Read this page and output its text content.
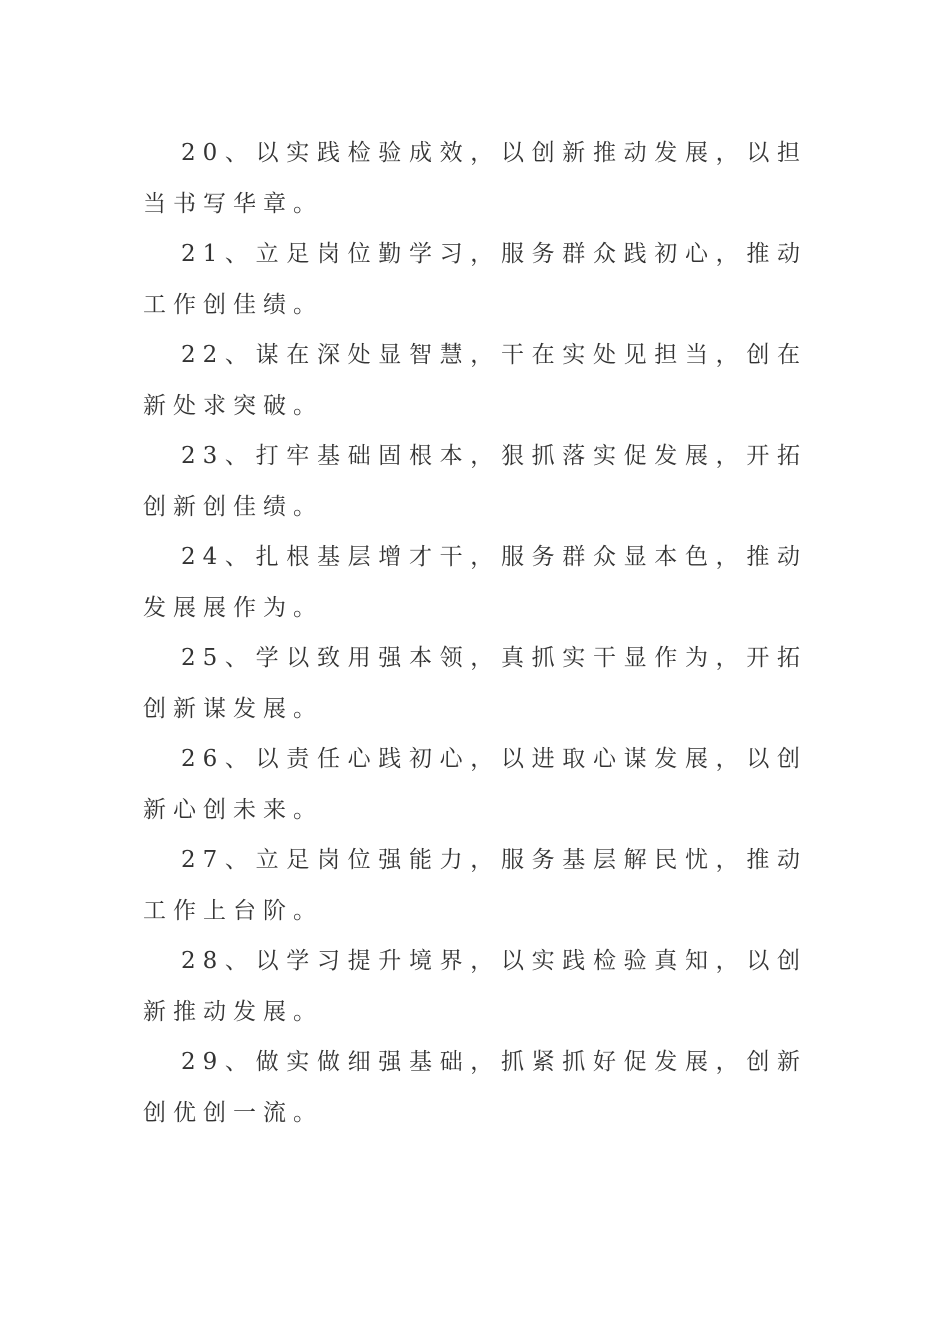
20、以实践检验成效，以创新推动发展，以担当书写华章。

21、立足岗位勤学习，服务群众践初心，推动工作创佳绩。

22、谋在深处显智慧，干在实处见担当，创在新处求突破。

23、打牢基础固根本，狠抓落实促发展，开拓创新创佳绩。

24、扎根基层增才干，服务群众显本色，推动发展展作为。

25、学以致用强本领，真抓实干显作为，开拓创新谋发展。

26、以责任心践初心，以进取心谋发展，以创新心创未来。

27、立足岗位强能力，服务基层解民忧，推动工作上台阶。

28、以学习提升境界，以实践检验真知，以创新推动发展。

29、做实做细强基础，抓紧抓好促发展，创新创优创一流。
